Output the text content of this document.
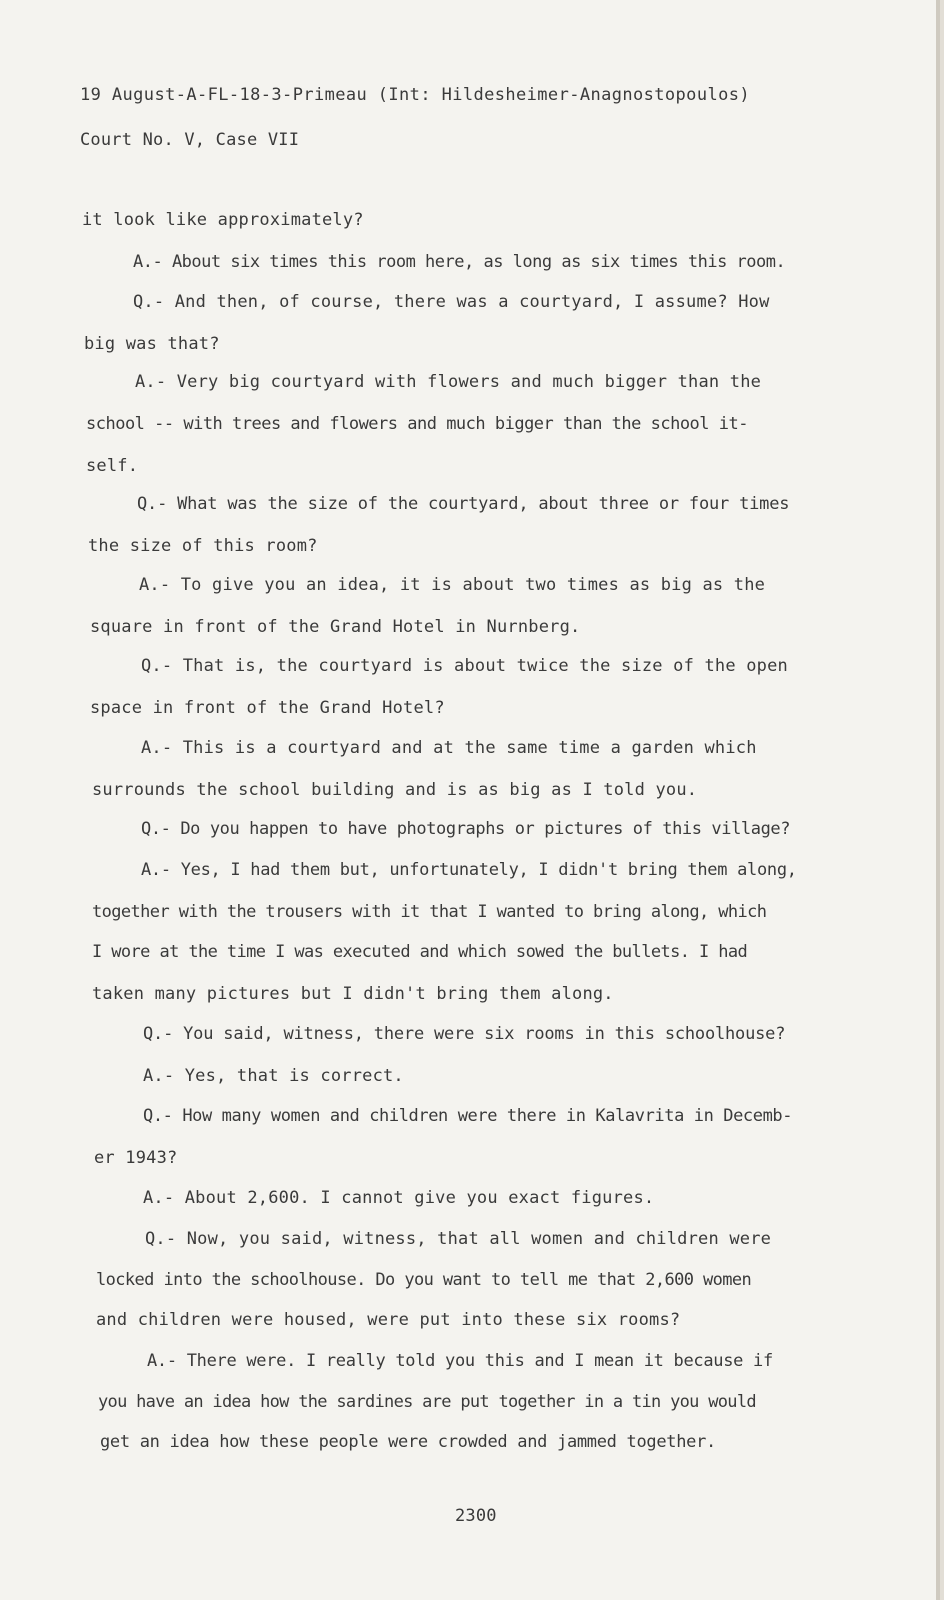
19 August-A-FL-18-3-Primeau (Int: Hildesheimer-Anagnostopoulos)

Court No. V, Case VII

it look like approximately?

A.- About six times this room here, as long as six times this room.

Q.- And then, of course, there was a courtyard, I assume? How

big was that?

A.- Very big courtyard with flowers and much bigger than the

school -- with trees and flowers and much bigger than the school it-

self.

Q.- What was the size of the courtyard, about three or four times

the size of this room?

A.- To give you an idea, it is about two times as big as the

square in front of the Grand Hotel in Nurnberg.

Q.- That is, the courtyard is about twice the size of the open

space in front of the Grand Hotel?

A.- This is a courtyard and at the same time a garden which

surrounds the school building and is as big as I told you.

Q.- Do you happen to have photographs or pictures of this village?

A.- Yes, I had them but, unfortunately, I didn't bring them along,

together with the trousers with it that I wanted to bring along, which

I wore at the time I was executed and which sowed the bullets. I had

taken many pictures but I didn't bring them along.

Q.- You said, witness, there were six rooms in this schoolhouse?

A.- Yes, that is correct.

Q.- How many women and children were there in Kalavrita in Decemb-

er 1943?

A.- About 2,600. I cannot give you exact figures.

Q.- Now, you said, witness, that all women and children were

locked into the schoolhouse. Do you want to tell me that 2,600 women

and children were housed, were put into these six rooms?

A.- There were. I really told you this and I mean it because if

you have an idea how the sardines are put together in a tin you would

get an idea how these people were crowded and jammed together.

2300
